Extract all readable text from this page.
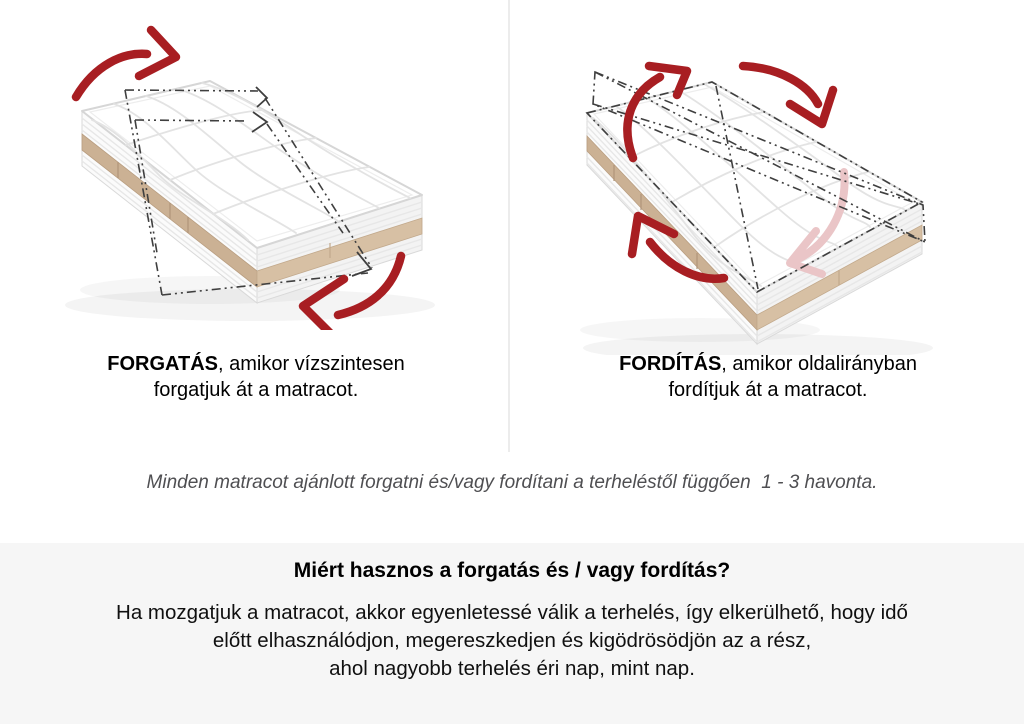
FORGATÁS, amikor vízszintesen
forgatjuk át a matracot.
FORDÍTÁS, amikor oldalirányban
fordítjuk át a matracot.
Minden matracot ajánlott forgatni és/vagy fordítani a terheléstől függően  1 - 3 havonta.
Miért hasznos a forgatás és / vagy fordítás?

Ha mozgatjuk a matracot, akkor egyenletessé válik a terhelés, így elkerülhető, hogy idő
előtt elhasználódjon, megereszkedjen és kigödrösödjön az a rész,
ahol nagyobb terhelés éri nap, mint nap.
